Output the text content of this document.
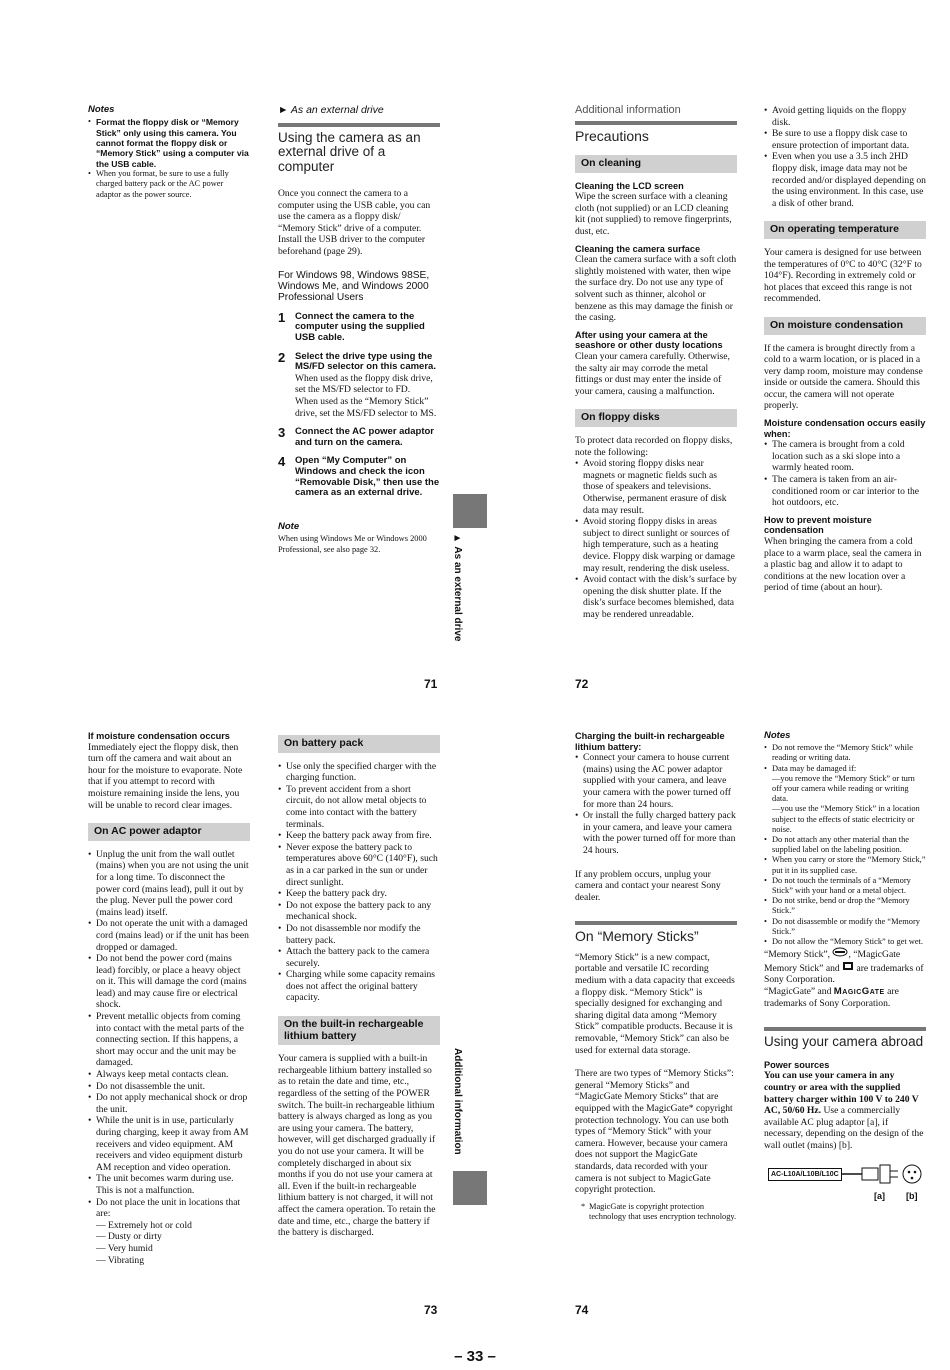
Notes
• Format the floppy disk or “Memory Stick” only using this camera. You cannot format the floppy disk or “Memory Stick” using a computer via the USB cable.
• When you format, be sure to use a fully charged battery pack or the AC power adaptor as the power source.
► As an external drive
Using the camera as an external drive of a computer

Once you connect the camera to a computer using the USB cable, you can use the camera as a floppy disk/ “Memory Stick” drive of a computer. Install the USB driver to the computer beforehand (page 29).

For Windows 98, Windows 98SE, Windows Me, and Windows 2000 Professional Users

1	Connect the camera to the computer using the supplied USB cable.
2	Select the drive type using the MS/FD selector on this camera.
When used as the floppy disk drive, set the MS/FD selector to FD.
When used as the “Memory Stick” drive, set the MS/FD selector to MS.
3	Connect the AC power adaptor and turn on the camera.
4	Open “My Computer” on Windows and check the icon “Removable Disk,” then use the camera as an external drive.
Note

When using Windows Me or Windows 2000 Professional, see also page 32.	► As an external drive
71
Additional information
Precautions
On cleaning
Cleaning the LCD screen

Wipe the screen surface with a cleaning cloth (not supplied) or an LCD cleaning kit (not supplied) to remove fingerprints, dust, etc.

Cleaning the camera surface

Clean the camera surface with a soft cloth slightly moistened with water, then wipe the surface dry. Do not use any type of solvent such as thinner, alcohol or benzene as this may damage the finish or the casing.

After using your camera at the seashore or other dusty locations

Clean your camera carefully. Otherwise, the salty air may corrode the metal fittings or dust may enter the inside of your camera, causing a malfunction.

On floppy disks

To protect data recorded on floppy disks, note the following:

• Avoid storing floppy disks near magnets or magnetic fields such as those of speakers and televisions. Otherwise, permanent erasure of disk data may result.
• Avoid storing floppy disks in areas subject to direct sunlight or sources of high temperature, such as a heating device. Floppy disk warping or damage may result, rendering the disk useless.
• Avoid contact with the disk’s surface by opening the disk shutter plate. If the disk’s surface becomes blemished, data may be rendered unreadable.
• Avoid getting liquids on the floppy disk.
• Be sure to use a floppy disk case to ensure protection of important data.
• Even when you use a 3.5 inch 2HD floppy disk, image data may not be recorded and/or displayed depending on the using environment. In this case, use a disk of other brand.
On operating temperature

Your camera is designed for use between the temperatures of 0°C to 40°C (32°F to 104°F). Recording in extremely cold or hot places that exceed this range is not recommended.

On moisture condensation

If the camera is brought directly from a cold to a warm location, or is placed in a very damp room, moisture may condense inside or outside the camera. Should this occur, the camera will not operate properly.

Moisture condensation occurs easily when:
• The camera is brought from a cold location such as a ski slope into a warmly heated room.
• The camera is taken from an air-conditioned room or car interior to the hot outdoors, etc.
How to prevent moisture condensation

When bringing the camera from a cold place to a warm place, seal the camera in a plastic bag and allow it to adapt to conditions at the new location over a period of time (about an hour).

72
If moisture condensation occurs

Immediately eject the floppy disk, then turn off the camera and wait about an hour for the moisture to evaporate. Note that if you attempt to record with moisture remaining inside the lens, you will be unable to record clear images.

On AC power adaptor
• Unplug the unit from the wall outlet (mains) when you are not using the unit for a long time. To disconnect the power cord (mains lead), pull it out by the plug. Never pull the power cord (mains lead) itself.
• Do not operate the unit with a damaged cord (mains lead) or if the unit has been dropped or damaged.
• Do not bend the power cord (mains lead) forcibly, or place a heavy object on it. This will damage the cord (mains lead) and may cause fire or electrical shock.
• Prevent metallic objects from coming into contact with the metal parts of the connecting section. If this happens, a short may occur and the unit may be damaged.
• Always keep metal contacts clean.
• Do not disassemble the unit.
• Do not apply mechanical shock or drop the unit.
• While the unit is in use, particularly during charging, keep it away from AM receivers and video equipment. AM receivers and video equipment disturb AM reception and video operation.
• The unit becomes warm during use. This is not a malfunction.
• Do not place the unit in locations that are:
— Extremely hot or cold
— Dusty or dirty
— Very humid
— Vibrating
On battery pack
• Use only the specified charger with the charging function.
• To prevent accident from a short circuit, do not allow metal objects to come into contact with the battery terminals.
• Keep the battery pack away from fire.
• Never expose the battery pack to temperatures above 60°C (140°F), such as in a car parked in the sun or under direct sunlight.
• Keep the battery pack dry.
• Do not expose the battery pack to any mechanical shock.
• Do not disassemble nor modify the battery pack.
• Attach the battery pack to the camera securely.
• Charging while some capacity remains does not affect the original battery capacity.
On the built-in rechargeable lithium battery

Your camera is supplied with a built-in rechargeable lithium battery installed so as to retain the date and time, etc., regardless of the setting of the POWER switch. The built-in rechargeable lithium battery is always charged as long as you are using your camera. The battery, however, will get discharged gradually if you do not use your camera. It will be completely discharged in about six months if you do not use your camera at all. Even if the built-in rechargeable lithium battery is not charged, it will not affect the camera operation. To retain the date and time, etc., charge the battery if the battery is discharged.

Additional information
73
Charging the built-in rechargeable lithium battery:
• Connect your camera to house current (mains) using the AC power adaptor supplied with your camera, and leave your camera with the power turned off for more than 24 hours.
• Or install the fully charged battery pack in your camera, and leave your camera with the power turned off for more than 24 hours.

If any problem occurs, unplug your camera and contact your nearest Sony dealer.

On “Memory Sticks”

“Memory Stick” is a new compact, portable and versatile IC recording medium with a data capacity that exceeds a floppy disk. “Memory Stick” is specially designed for exchanging and sharing digital data among “Memory Stick” compatible products. Because it is removable, “Memory Stick” can also be used for external data storage.

There are two types of “Memory Sticks”: general “Memory Sticks” and “MagicGate Memory Sticks” that are equipped with the MagicGate* copyright protection technology. You can use both types of “Memory Stick” with your camera. However, because your camera does not support the MagicGate standards, data recorded with your camera is not subject to MagicGate copyright protection.

* MagicGate is copyright protection technology that uses encryption technology.
Notes
• Do not remove the “Memory Stick” while reading or writing data.
• Data may be damaged if:
—you remove the “Memory Stick” or turn off your camera while reading or writing data.
—you use the “Memory Stick” in a location subject to the effects of static electricity or noise.
• Do not attach any other material than the supplied label on the labeling position.
• When you carry or store the “Memory Stick,” put it in its supplied case.
• Do not touch the terminals of a “Memory Stick” with your hand or a metal object.
• Do not strike, bend or drop the “Memory Stick.”
• Do not disassemble or modify the “Memory Stick.”
• Do not allow the “Memory Stick” to get wet.

“Memory Stick”, , “MagicGate Memory Stick” and are trademarks of Sony Corporation.

“MagicGate” and MagicGate are trademarks of Sony Corporation.

Using your camera abroad
Power sources

You can use your camera in any country or area with the supplied battery charger within 100 V to 240 V AC, 50/60 Hz. Use a commercially available AC plug adaptor [a], if necessary, depending on the design of the wall outlet (mains) [b].

AC-L10A/L10B/L10C
[a] [b]
74
– 33 –
